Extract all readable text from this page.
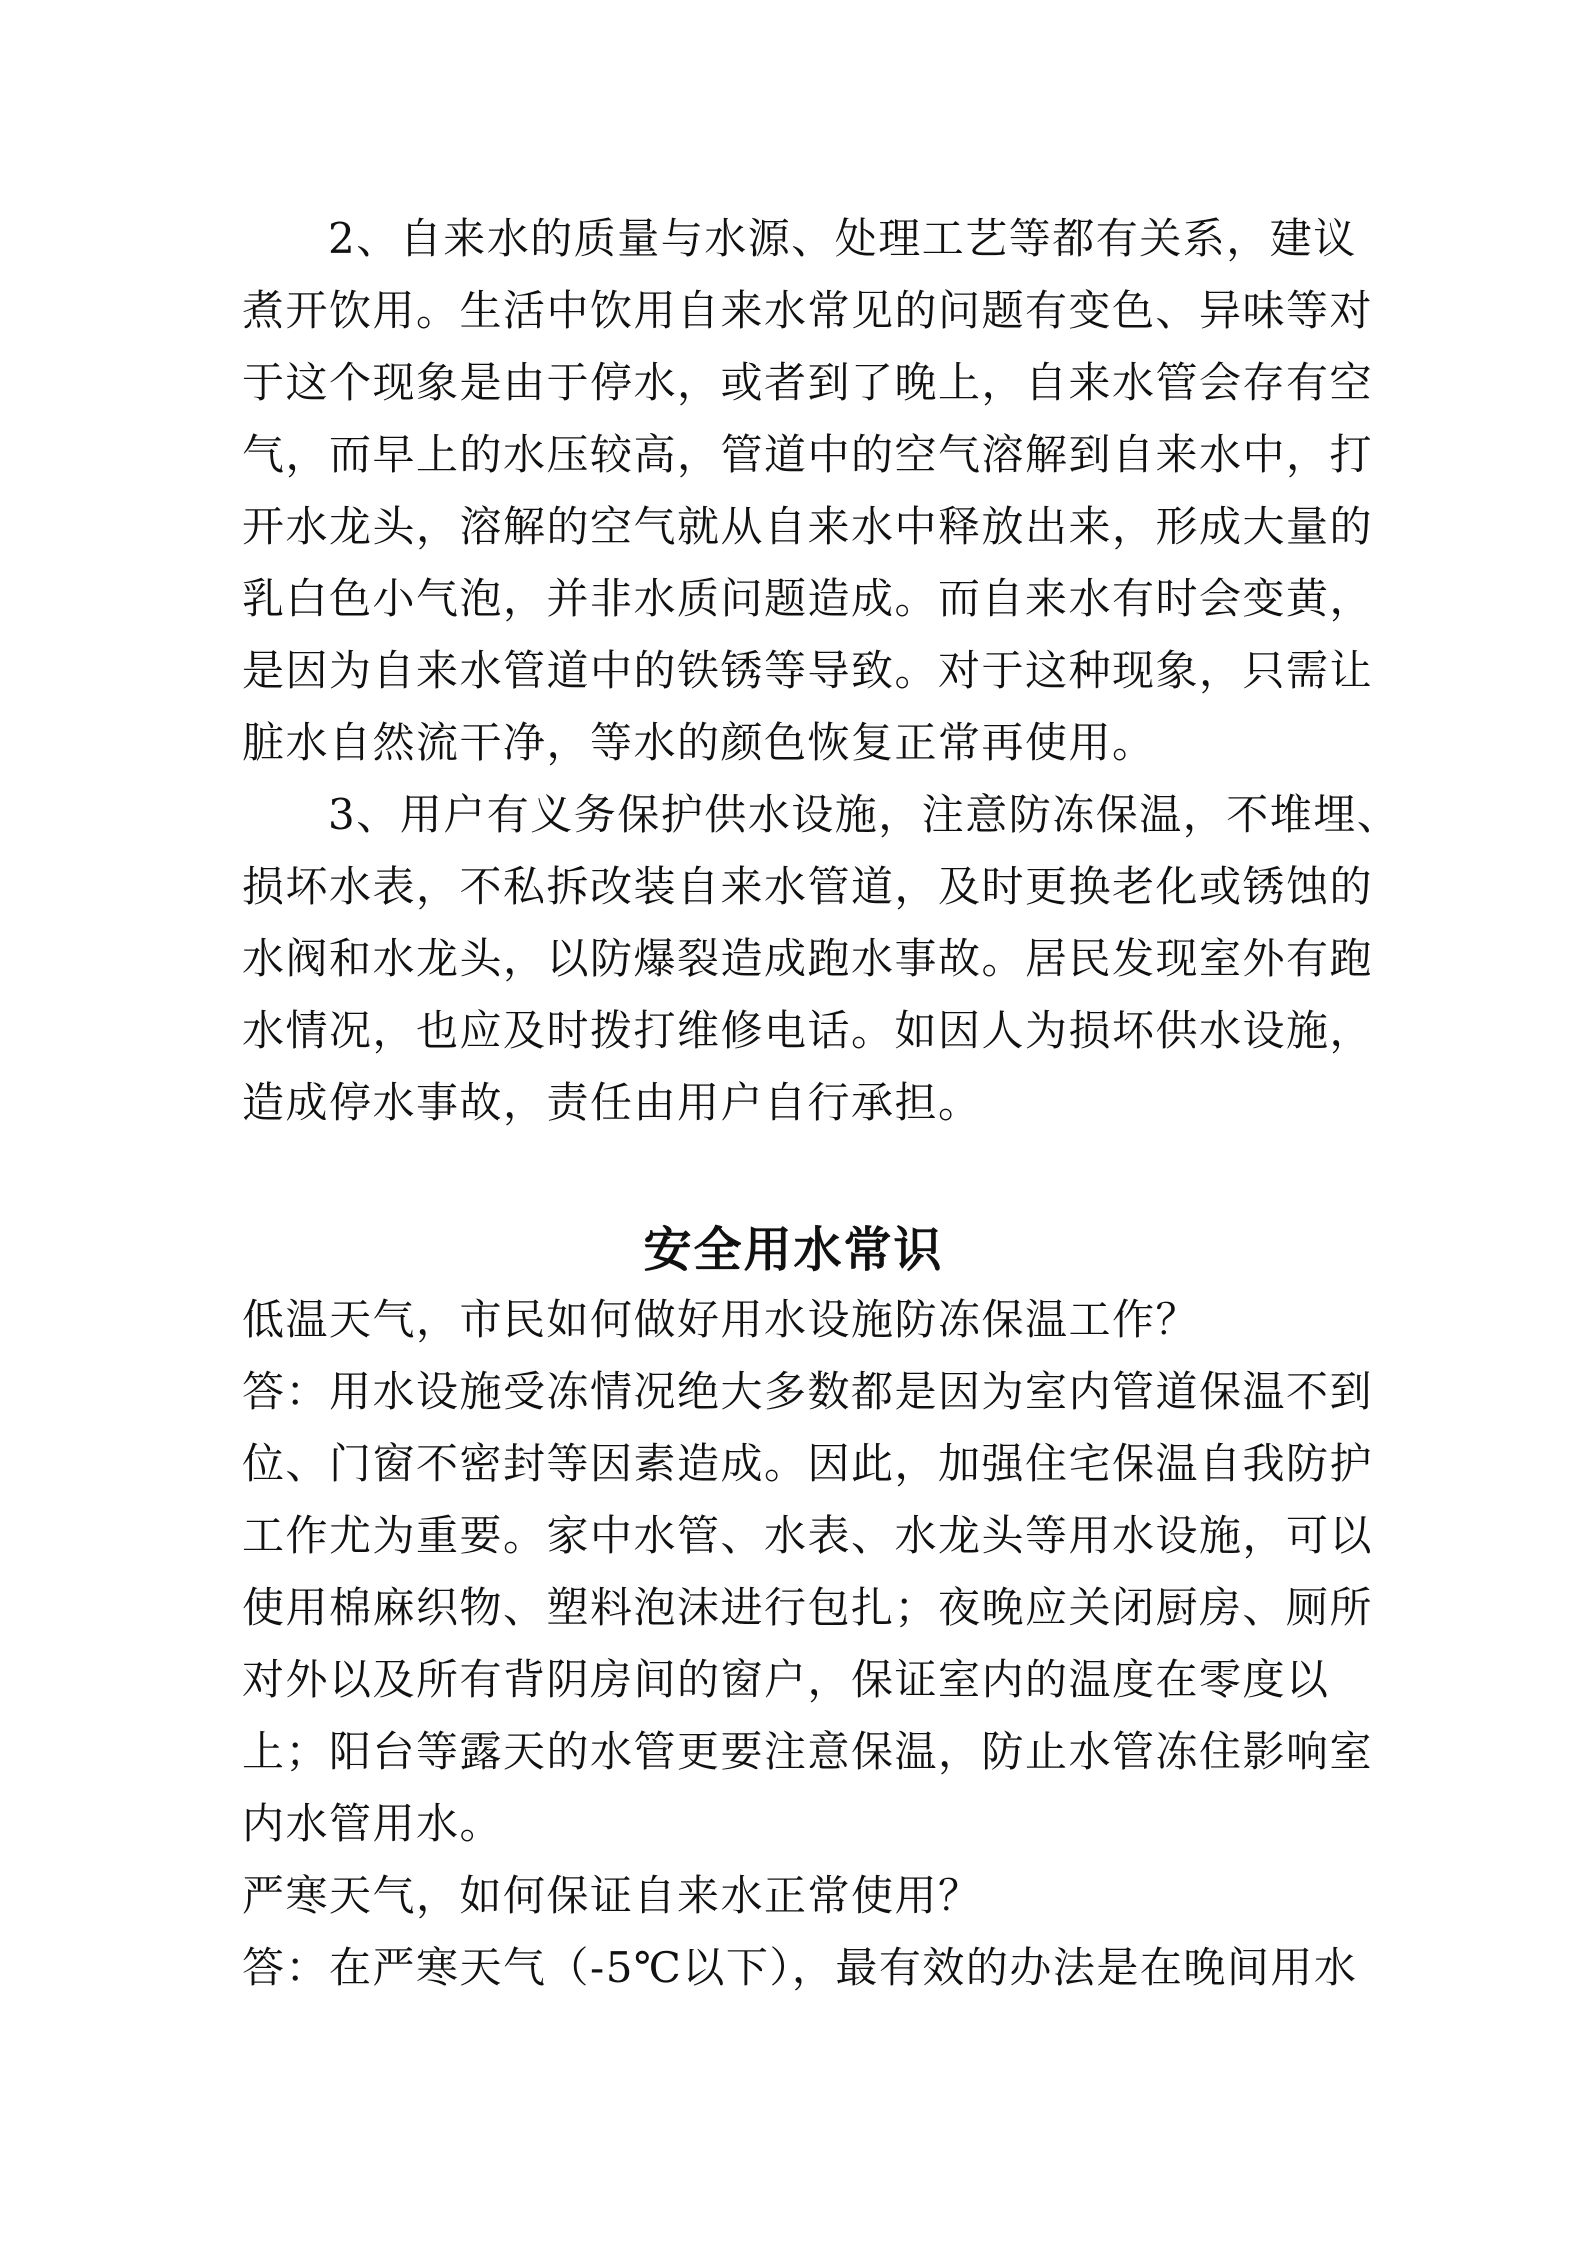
2、自来水的质量与水源、处理工艺等都有关系，建议
煮开饮用。生活中饮用自来水常见的问题有变色、异味等对
于这个现象是由于停水，或者到了晚上，自来水管会存有空
气，而早上的水压较高，管道中的空气溶解到自来水中，打
开水龙头，溶解的空气就从自来水中释放出来，形成大量的
乳白色小气泡，并非水质问题造成。而自来水有时会变黄，
是因为自来水管道中的铁锈等导致。对于这种现象，只需让
脏水自然流干净，等水的颜色恢复正常再使用。
3、用户有义务保护供水设施，注意防冻保温，不堆埋、
损坏水表，不私拆改装自来水管道，及时更换老化或锈蚀的
水阀和水龙头，以防爆裂造成跑水事故。居民发现室外有跑
水情况，也应及时拨打维修电话。如因人为损坏供水设施，
造成停水事故，责任由用户自行承担。
安全用水常识
低温天气，市民如何做好用水设施防冻保温工作？
答：用水设施受冻情况绝大多数都是因为室内管道保温不到
位、门窗不密封等因素造成。因此，加强住宅保温自我防护
工作尤为重要。家中水管、水表、水龙头等用水设施，可以
使用棉麻织物、塑料泡沫进行包扎；夜晚应关闭厨房、厕所
对外以及所有背阴房间的窗户，保证室内的温度在零度以
上；阳台等露天的水管更要注意保温，防止水管冻住影响室
内水管用水。
严寒天气，如何保证自来水正常使用？
答：在严寒天气（-5℃以下），最有效的办法是在晚间用水
